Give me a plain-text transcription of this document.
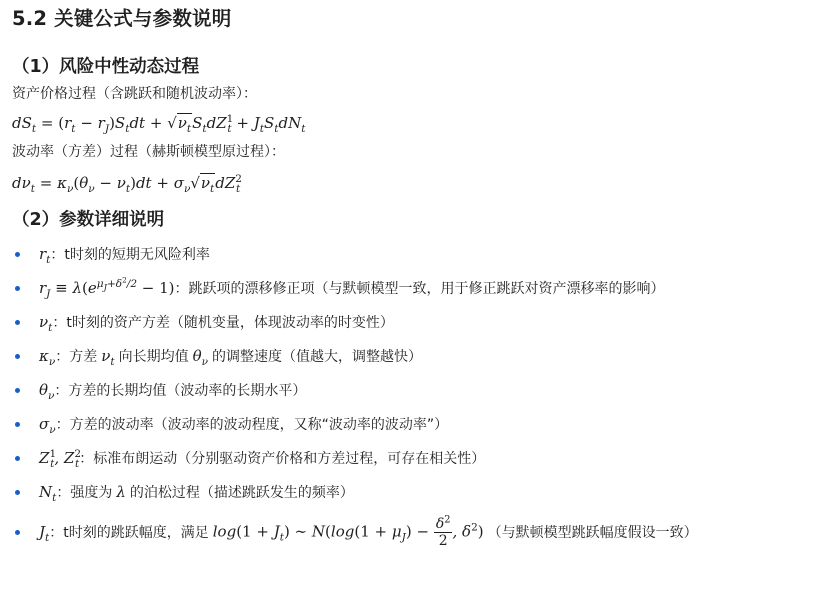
5.2 关键公式与参数说明
（1）风险中性动态过程

资产价格过程（含跳跃和随机波动率）：

$dS_t = (r_t - r_J)S_tdt + √\nu_tS_tdZ^1_t + J_tS_tdN_t$

波动率（方差）过程（赫斯顿模型原过程）：

$d\nu_t = \kappa_\nu(\theta_\nu - \nu_t)dt + \sigma_\nu√\nu_tdZ^2_t$

（2）参数详细说明
$r_t$ ：t时刻的短期无风险利率
$r_J \equiv \lambda(e^{\mu_J+\delta^2/2} - 1)$ ：跳跃项的漂移修正项（与默顿模型一致，用于修正跳跃对资产漂移率的影响）
$\nu_t$ ：t时刻的资产方差（随机变量，体现波动率的时变性）
$\kappa_\nu$ ：方差 $\nu_t$ 向长期均值 $\theta_\nu$ 的调整速度（值越大，调整越快）
$\theta_\nu$ ：方差的长期均值（波动率的长期水平）
$\sigma_\nu$ ：方差的波动率（波动率的波动程度，又称“波动率的波动率”）
$Z^1_t$, $Z^2_t$ ：标准布朗运动（分别驱动资产价格和方差过程，可存在相关性）
$N_t$ ：强度为 λ 的泊松过程（描述跳跃发生的频率）
$J_t$ ：t时刻的跳跃幅度，满足 $\log(1 + J_t)$ ∼ $N(\log(1 + \mu_J) - \frac{\delta^2}{2}$ , $\delta^2$) （与默顿模型跳跃幅度假设一致）
